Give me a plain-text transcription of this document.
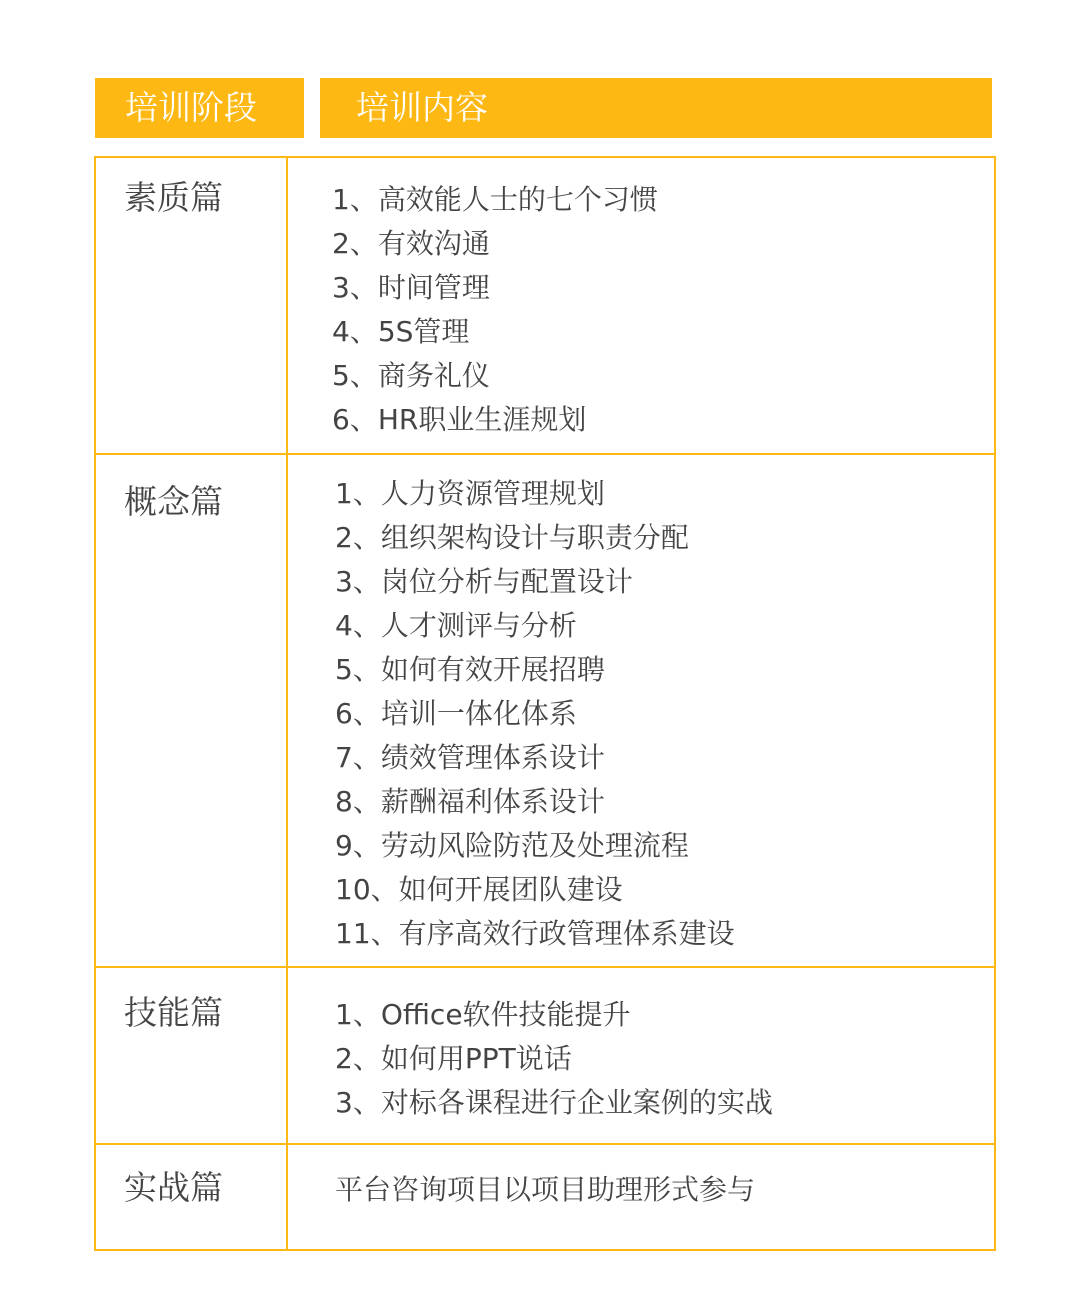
培训阶段	培训内容
素质篇	1、高效能人士的七个习惯
2、有效沟通
3、时间管理
4、5S管理
5、商务礼仪
6、HR职业生涯规划
概念篇	1、人力资源管理规划
2、组织架构设计与职责分配
3、岗位分析与配置设计
4、人才测评与分析
5、如何有效开展招聘
6、培训一体化体系
7、绩效管理体系设计
8、薪酬福利体系设计
9、劳动风险防范及处理流程
10、如何开展团队建设
11、有序高效行政管理体系建设
技能篇	1、Office软件技能提升
2、如何用PPT说话
3、对标各课程进行企业案例的实战
实战篇	平台咨询项目以项目助理形式参与
